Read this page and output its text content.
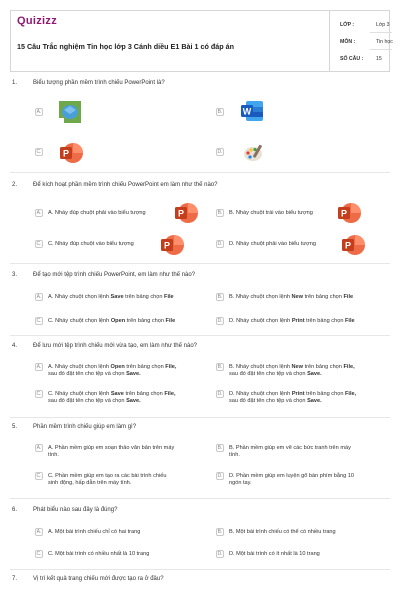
Quizizz
15 Câu Trắc nghiệm Tin học lớp 3 Cánh diều E1 Bài 1 có đáp án
LỚP :	Lớp 3
MÔN :	Tin học
SỐ CÂU : 15
1.	Biểu tượng phần mềm trình chiếu PowerPoint là?
A.	B. W
C. P	D.
2.	Để kích hoạt phần mềm trình chiếu PowerPoint em làm như thế nào?
A. A. Nháy đúp chuột phải vào biểu tượng	P	B. B. Nháy chuột trái vào biểu tượng	P
C. C. Nháy đúp chuột vào biểu tượng	P	D. D. Nháy chuột phải vào biểu tượng	P
3.	Để tạo mới tệp trình chiếu PowerPoint, em làm như thế nào?
A. A. Nháy chuột chọn lệnh Save trên bảng chọn File	B. B. Nháy chuột chọn lệnh New trên bảng chọn File
C. C. Nháy chuột chọn lệnh Open trên bảng chọn File	D. D. Nháy chuột chọn lệnh Print trên bảng chọn File
4.	Để lưu mới tệp trình chiếu mới vừa tạo, em làm như thế nào?
A. A. Nháy chuột chọn lệnh Open trên bảng chọn File,
sau đó đặt tên cho tệp và chọn Save.
B. B. Nháy chuột chọn lệnh New trên bảng chọn File,
sau đó đặt tên cho tệp và chọn Save.
C. C. Nháy chuột chọn lệnh Save trên bảng chọn File,
sau đó đặt tên cho tệp và chọn Save.
D. D. Nháy chuột chọn lệnh Print trên bảng chọn File,
sau đó đặt tên cho tệp và chọn Save.
5.	Phần mềm trình chiếu giúp em làm gì?
A. A. Phần mềm giúp em soạn thảo văn bản trên máy
tính.
B. B. Phần mềm giúp em vẽ các bức tranh trên máy
tính.
C. C. Phần mềm giúp em tạo ra các bài trình chiếu
sinh động, hấp dẫn trên máy tính.
D. D. Phần mềm giúp em luyện gõ bàn phím bằng 10
ngón tay.
6.	Phát biểu nào sau đây là đúng?
A. A. Một bài trình chiếu chỉ có hai trang	B. B. Một bài trình chiếu có thể có nhiều trang
C. C. Một bài trình có nhiều nhất là 10 trang	D. D. Một bài trình có ít nhất là 10 trang
7.	Vị trí kết quả trang chiếu mới được tạo ra ở đâu?
